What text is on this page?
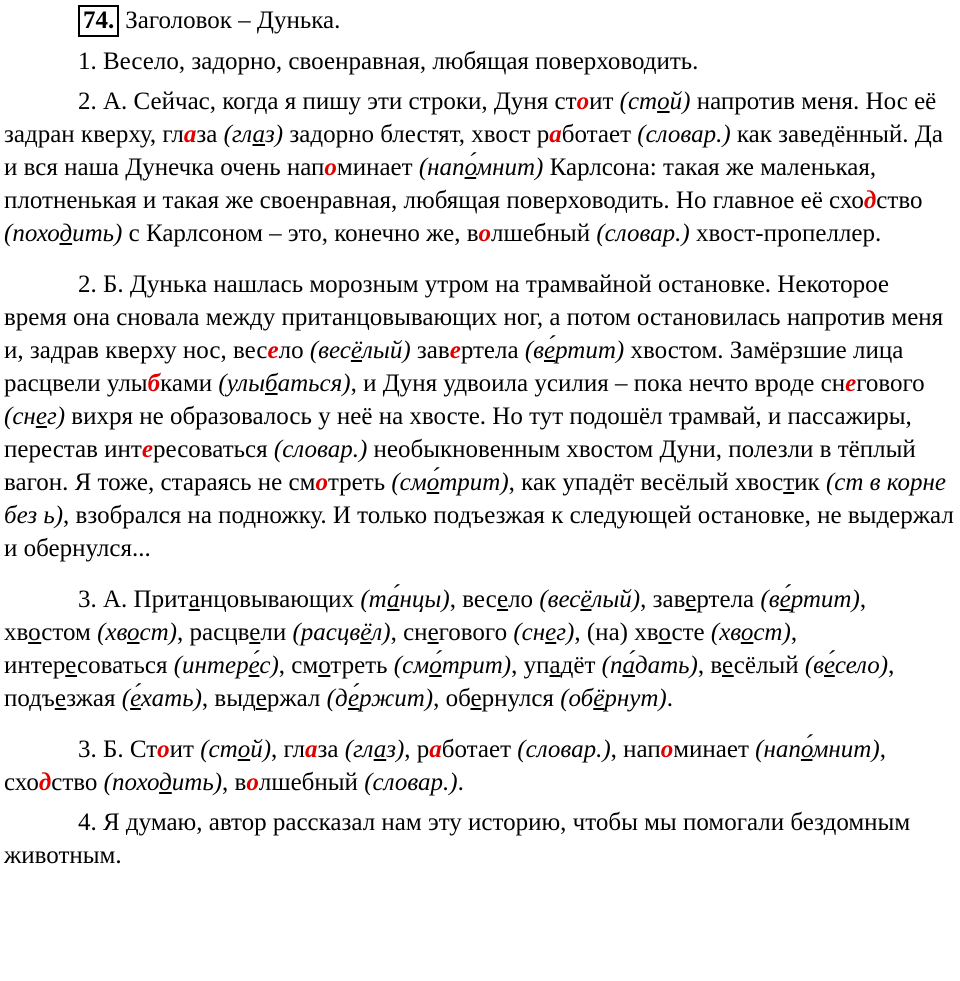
74. Заголовок – Дунька.

1. Весело, задорно, своенравная, любящая поверховодить.

2. А. Сейчас, когда я пишу эти строки, Дуня стоит (стой) напротив меня. Нос её задран кверху, глаза (глаз) задорно блестят, хвост работает (словар.) как заведённый. Да и вся наша Дунечка очень напоминает (напо́мнит) Карлсона: такая же маленькая, плотненькая и такая же своенравная, любящая поверховодить. Но главное её сходство (походить) с Карлсоном – это, конечно же, волшебный (словар.) хвост-пропеллер.

2. Б. Дунька нашлась морозным утром на трамвайной остановке. Некоторое время она сновала между пританцовывающих ног, а потом остановилась напротив меня и, задрав кверху нос, весело (весёлый) завертела (ве́ртит) хвостом. Замёрзшие лица расцвели улыбками (улыбаться), и Дуня удвоила усилия – пока нечто вроде снегового (снег) вихря не образовалось у неё на хвосте. Но тут подошёл трамвай, и пассажиры, перестав интересоваться (словар.) необыкновенным хвостом Дуни, полезли в тёплый вагон. Я тоже, стараясь не смотреть (смо́трит), как упадёт весёлый хвостик (ст в корне без ь), взобрался на подножку. И только подъезжая к следующей остановке, не выдержал и обернулся...

3. А. Пританцовывающих (та́нцы), весело (весёлый), завертела (ве́ртит), хвостом (хвост), расцвели (расцвёл), снегового (снег), (на) хвосте (хвост), интересоваться (интере́с), смотреть (смо́трит), упадёт (па́дать), весёлый (ве́село), подъезжая (е́хать), выдержал (де́ржит), обернулся (обёрнут).

3. Б. Стоит (стой), глаза (глаз), работает (словар.), напоминает (напо́мнит), сходство (походить), волшебный (словар.).

4. Я думаю, автор рассказал нам эту историю, чтобы мы помогали бездомным животным.
